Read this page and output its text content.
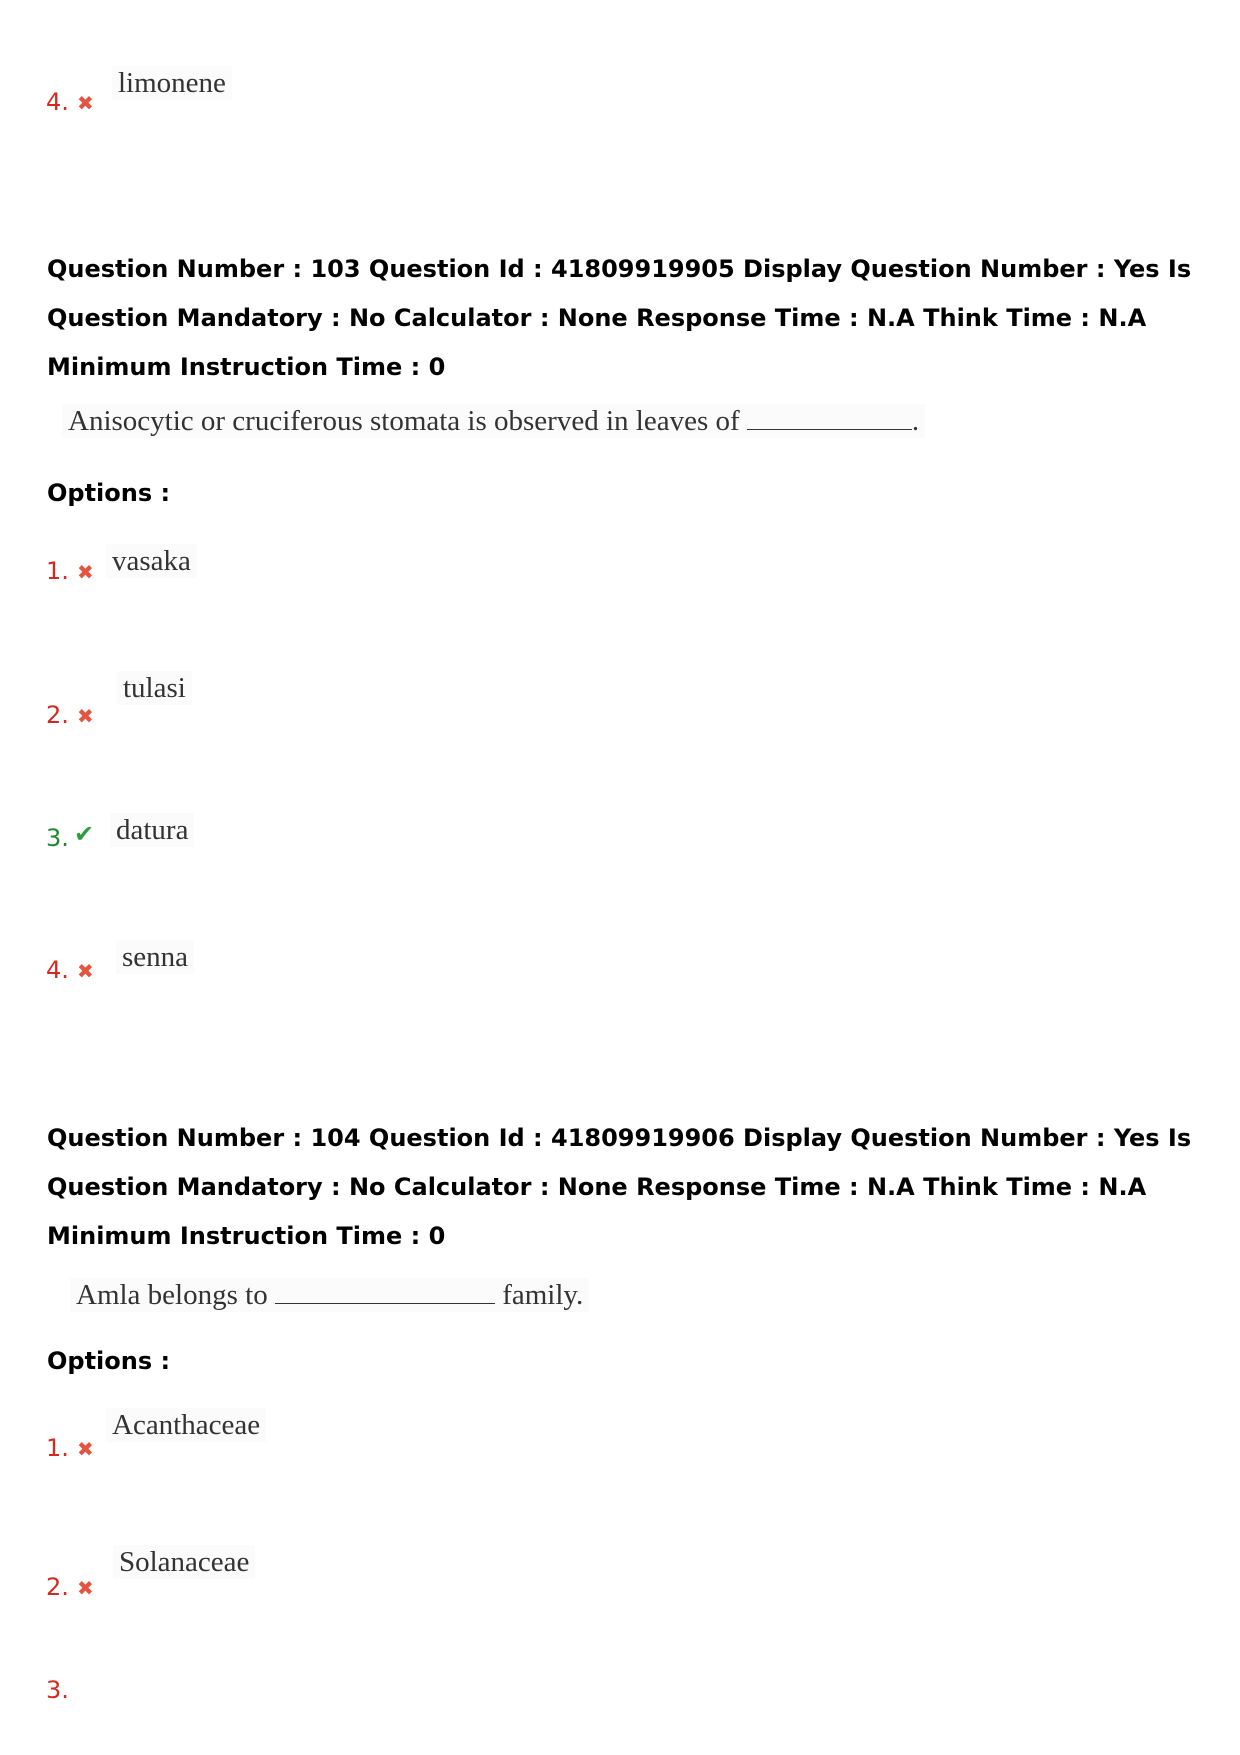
4. ✖
limonene
Question Number : 103 Question Id : 41809919905 Display Question Number : Yes Is Question Mandatory : No Calculator : None Response Time : N.A Think Time : N.A Minimum Instruction Time : 0
Anisocytic or cruciferous stomata is observed in leaves of	.
Options :
1. ✖ vasaka
2. ✖
tulasi
3. ✔ datura
4. ✖ senna
Question Number : 104 Question Id : 41809919906 Display Question Number : Yes Is Question Mandatory : No Calculator : None Response Time : N.A Think Time : N.A Minimum Instruction Time : 0
Amla belongs to	family.
Options :
1. ✖
Acanthaceae
2. ✖
Solanaceae
3.
